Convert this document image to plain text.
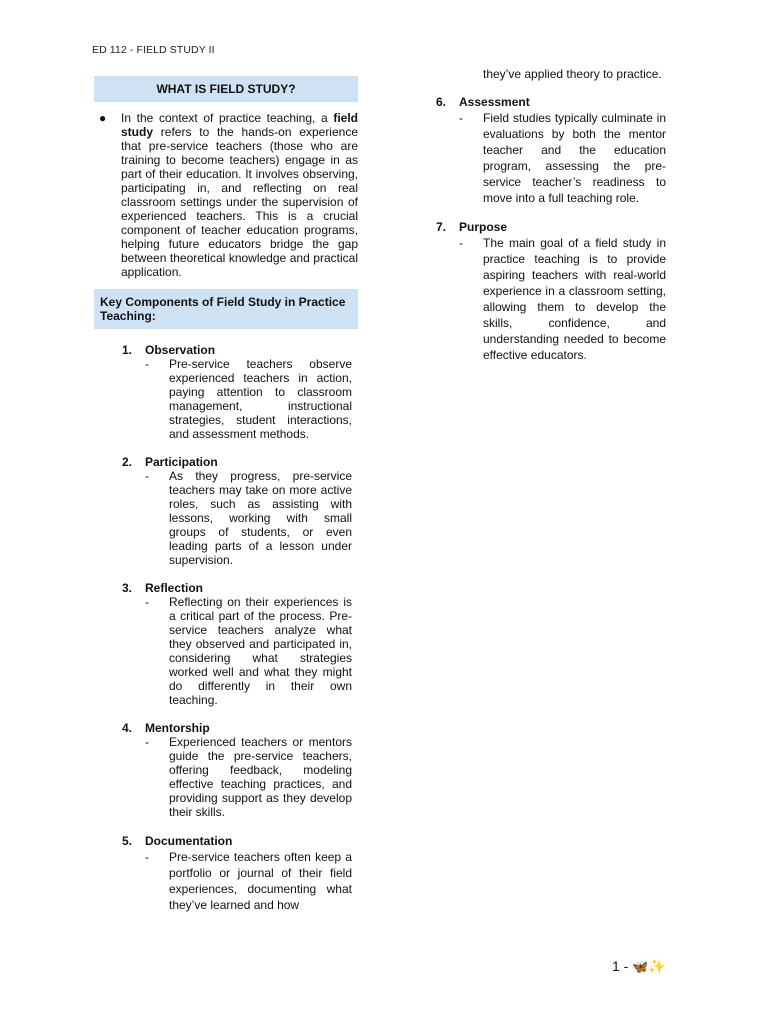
ED 112 - FIELD STUDY II
WHAT IS FIELD STUDY?
●	In the context of practice teaching, a field study refers to the hands-on experience that pre-service teachers (those who are training to become teachers) engage in as part of their education. It involves observing, participating in, and reflecting on real classroom settings under the supervision of experienced teachers. This is a crucial component of teacher education programs, helping future educators bridge the gap between theoretical knowledge and practical application.
Key Components of Field Study in Practice Teaching:
1.	Observation
-	Pre-service teachers observe experienced teachers in action, paying attention to classroom management, instructional strategies, student interactions, and assessment methods.
2.	Participation
-	As they progress, pre-service teachers may take on more active roles, such as assisting with lessons, working with small groups of students, or even leading parts of a lesson under supervision.
3.	Reflection
-	Reflecting on their experiences is a critical part of the process. Pre-service teachers analyze what they observed and participated in, considering what strategies worked well and what they might do differently in their own teaching.
4.	Mentorship
-	Experienced teachers or mentors guide the pre-service teachers, offering feedback, modeling effective teaching practices, and providing support as they develop their skills.
5.	Documentation
-	Pre-service teachers often keep a portfolio or journal of their field experiences, documenting what they’ve learned and how
they’ve applied theory to practice.
6.	Assessment
-	Field studies typically culminate in evaluations by both the mentor teacher and the education program, assessing the pre-service teacher’s readiness to move into a full teaching role.
7.	Purpose
-	The main goal of a field study in practice teaching is to provide aspiring teachers with real-world experience in a classroom setting, allowing them to develop the skills, confidence, and understanding needed to become effective educators.
1 - 🦋✨
